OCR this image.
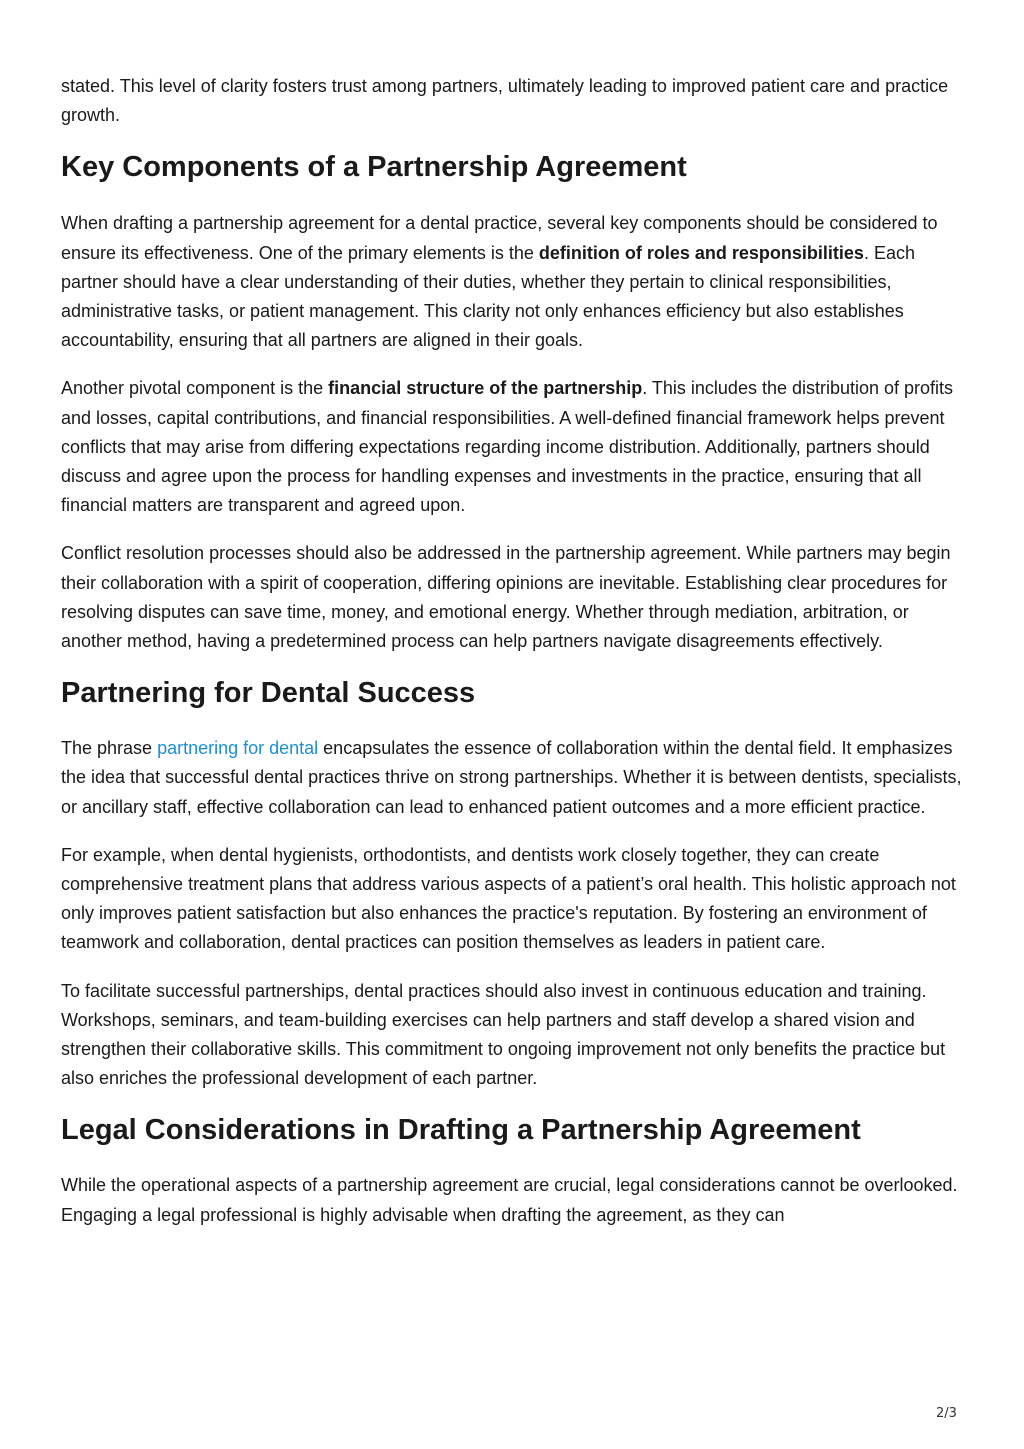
stated. This level of clarity fosters trust among partners, ultimately leading to improved patient care and practice growth.

Key Components of a Partnership Agreement

When drafting a partnership agreement for a dental practice, several key components should be considered to ensure its effectiveness. One of the primary elements is the definition of roles and responsibilities. Each partner should have a clear understanding of their duties, whether they pertain to clinical responsibilities, administrative tasks, or patient management. This clarity not only enhances efficiency but also establishes accountability, ensuring that all partners are aligned in their goals.

Another pivotal component is the financial structure of the partnership. This includes the distribution of profits and losses, capital contributions, and financial responsibilities. A well-defined financial framework helps prevent conflicts that may arise from differing expectations regarding income distribution. Additionally, partners should discuss and agree upon the process for handling expenses and investments in the practice, ensuring that all financial matters are transparent and agreed upon.

Conflict resolution processes should also be addressed in the partnership agreement. While partners may begin their collaboration with a spirit of cooperation, differing opinions are inevitable. Establishing clear procedures for resolving disputes can save time, money, and emotional energy. Whether through mediation, arbitration, or another method, having a predetermined process can help partners navigate disagreements effectively.

Partnering for Dental Success

The phrase partnering for dental encapsulates the essence of collaboration within the dental field. It emphasizes the idea that successful dental practices thrive on strong partnerships. Whether it is between dentists, specialists, or ancillary staff, effective collaboration can lead to enhanced patient outcomes and a more efficient practice.

For example, when dental hygienists, orthodontists, and dentists work closely together, they can create comprehensive treatment plans that address various aspects of a patient’s oral health. This holistic approach not only improves patient satisfaction but also enhances the practice's reputation. By fostering an environment of teamwork and collaboration, dental practices can position themselves as leaders in patient care.

To facilitate successful partnerships, dental practices should also invest in continuous education and training. Workshops, seminars, and team-building exercises can help partners and staff develop a shared vision and strengthen their collaborative skills. This commitment to ongoing improvement not only benefits the practice but also enriches the professional development of each partner.

Legal Considerations in Drafting a Partnership Agreement

While the operational aspects of a partnership agreement are crucial, legal considerations cannot be overlooked. Engaging a legal professional is highly advisable when drafting the agreement, as they can

2/3
